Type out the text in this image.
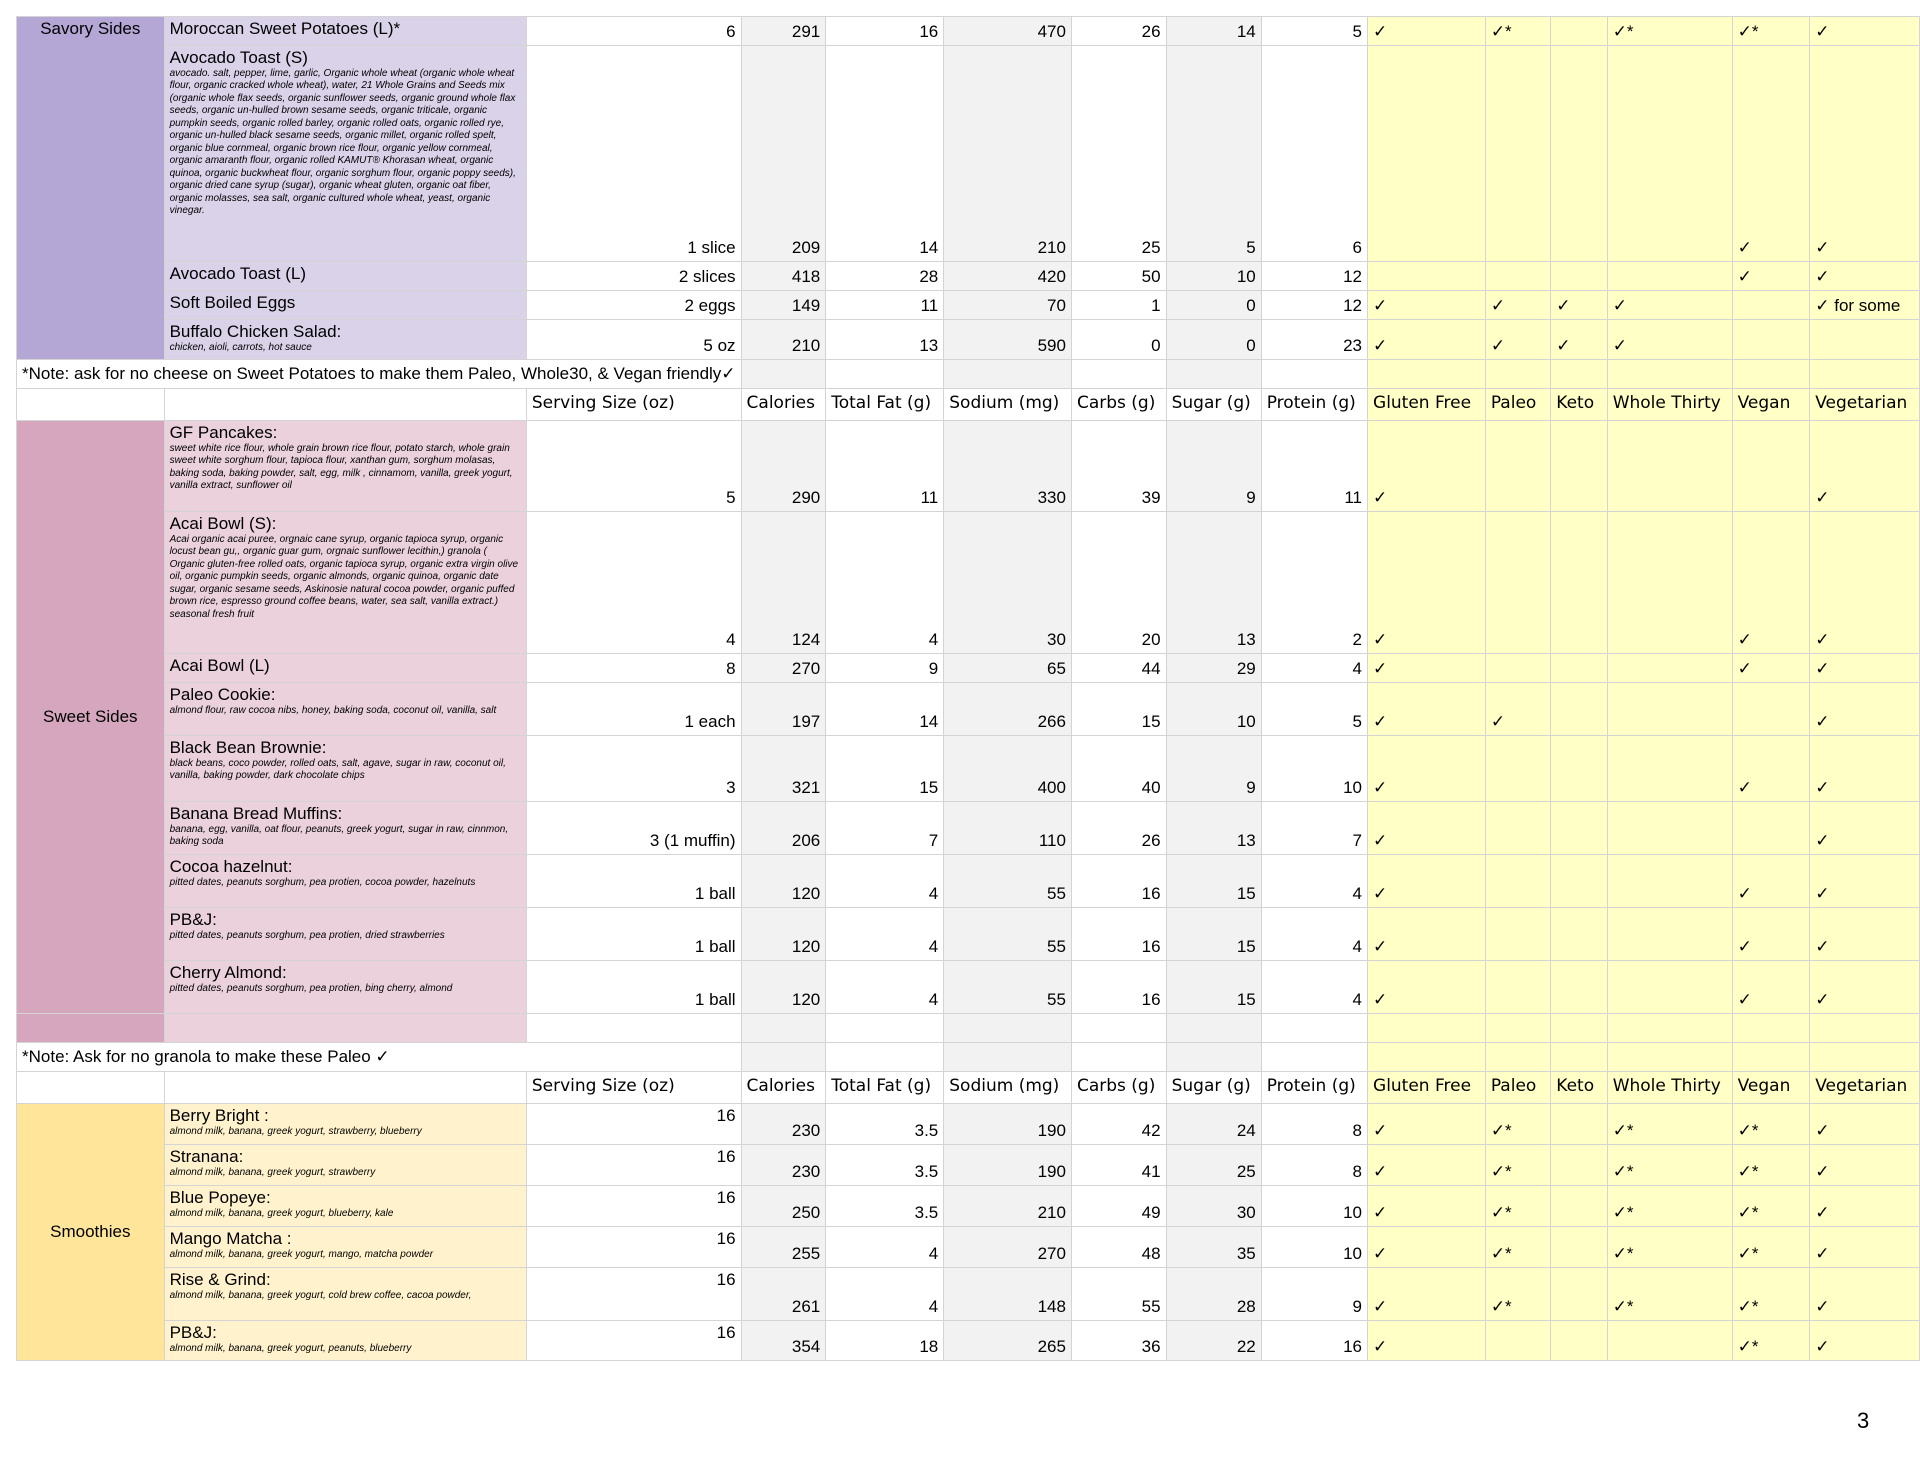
Savory Sides	Moroccan Sweet Potatoes (L)*	6	291	16	470	26	14	5	✓	✓*		✓*	✓*	✓

	Avocado Toast (S)
avocado. salt, pepper, lime, garlic, Organic whole wheat (organic whole wheat flour, organic cracked whole wheat), water, 21 Whole Grains and Seeds mix (organic whole flax seeds, organic sunflower seeds, organic ground whole flax seeds, organic un-hulled brown sesame seeds, organic triticale, organic pumpkin seeds, organic rolled barley, organic rolled oats, organic rolled rye, organic un-hulled black sesame seeds, organic millet, organic rolled spelt, organic blue cornmeal, organic brown rice flour, organic yellow cornmeal, organic amaranth flour, organic rolled KAMUT® Khorasan wheat, organic quinoa, organic buckwheat flour, organic sorghum flour, organic poppy seeds), organic dried cane syrup (sugar), organic wheat gluten, organic oat fiber, organic molasses, sea salt, organic cultured whole wheat, yeast, organic vinegar.	1 slice	209	14	210	25	5	6					✓	✓

	Avocado Toast (L)	2 slices	418	28	420	50	10	12					✓	✓

	Soft Boiled Eggs	2 eggs	149	11	70	1	0	12	✓	✓	✓	✓		✓ for some

	Buffalo Chicken Salad:
chicken, aioli, carrots, hot sauce	5 oz	210	13	590	0	0	23	✓	✓	✓	✓		
*Note: ask for no cheese on Sweet Potatoes to make them Paleo, Whole30, & Vegan friendly✓														
		Serving Size (oz)	Calories	Total Fat (g)	Sodium (mg)	Carbs (g)	Sugar (g)	Protein (g)	Gluten Free	Paleo	Keto	Whole Thirty	Vegan	Vegetarian
Sweet Sides	GF Pancakes:
sweet white rice flour, whole grain brown rice flour, potato starch, whole grain sweet white sorghum flour, tapioca flour, xanthan gum, sorghum molasas, baking soda, baking powder, salt, egg, milk , cinnamom, vanilla, greek yogurt, vanilla extract, sunflower oil	5	290	11	330	39	9	11	✓					✓

	Acai Bowl (S):
Acai organic acai puree, orgnaic cane syrup, organic tapioca syrup, organic locust bean gu,, organic guar gum, orgnaic sunflower lecithin,) granola ( Organic gluten-free rolled oats, organic tapioca syrup, organic extra virgin olive oil, organic pumpkin seeds, organic almonds, organic quinoa, organic date sugar, organic sesame seeds, Askinosie natural cocoa powder, organic puffed brown rice, espresso ground coffee beans, water, sea salt, vanilla extract.) seasonal fresh fruit	4	124	4	30	20	13	2	✓				✓	✓

	Acai Bowl (L)	8	270	9	65	44	29	4	✓				✓	✓

	Paleo Cookie:
almond flour, raw cocoa nibs, honey, baking soda, coconut oil, vanilla, salt	1 each	197	14	266	15	10	5	✓	✓				✓

	Black Bean Brownie:
black beans, coco powder, rolled oats, salt, agave, sugar in raw, coconut oil, vanilla, baking powder, dark chocolate chips	3	321	15	400	40	9	10	✓				✓	✓

	Banana Bread Muffins:
banana, egg, vanilla, oat flour, peanuts, greek yogurt, sugar in raw, cinnmon, baking soda	3 (1 muffin)	206	7	110	26	13	7	✓					✓

	Cocoa hazelnut:
pitted dates, peanuts sorghum, pea protien, cocoa powder, hazelnuts	1 ball	120	4	55	16	15	4	✓				✓	✓

	PB&J:
pitted dates, peanuts sorghum, pea protien, dried strawberries	1 ball	120	4	55	16	15	4	✓				✓	✓

	Cherry Almond:
pitted dates, peanuts sorghum, pea protien, bing cherry, almond	1 ball	120	4	55	16	15	4	✓				✓	✓

*Note: Ask for no granola to make these Paleo ✓														
		Serving Size (oz)	Calories	Total Fat (g)	Sodium (mg)	Carbs (g)	Sugar (g)	Protein (g)	Gluten Free	Paleo	Keto	Whole Thirty	Vegan	Vegetarian
Smoothies	Berry Bright :
almond milk, banana, greek yogurt, strawberry, blueberry	16	230	3.5	190	42	24	8	✓	✓*		✓*	✓*	✓

	Stranana:
almond milk, banana, greek yogurt, strawberry	16	230	3.5	190	41	25	8	✓	✓*		✓*	✓*	✓

	Blue Popeye:
almond milk, banana, greek yogurt, blueberry, kale	16	250	3.5	210	49	30	10	✓	✓*		✓*	✓*	✓

	Mango Matcha :
almond milk, banana, greek yogurt, mango, matcha powder	16	255	4	270	48	35	10	✓	✓*		✓*	✓*	✓

	Rise & Grind:
almond milk, banana, greek yogurt, cold brew coffee, cacoa powder,	16	261	4	148	55	28	9	✓	✓*		✓*	✓*	✓

	PB&J:
almond milk, banana, greek yogurt, peanuts, blueberry	16	354	18	265	36	22	16	✓				✓*	✓
3
